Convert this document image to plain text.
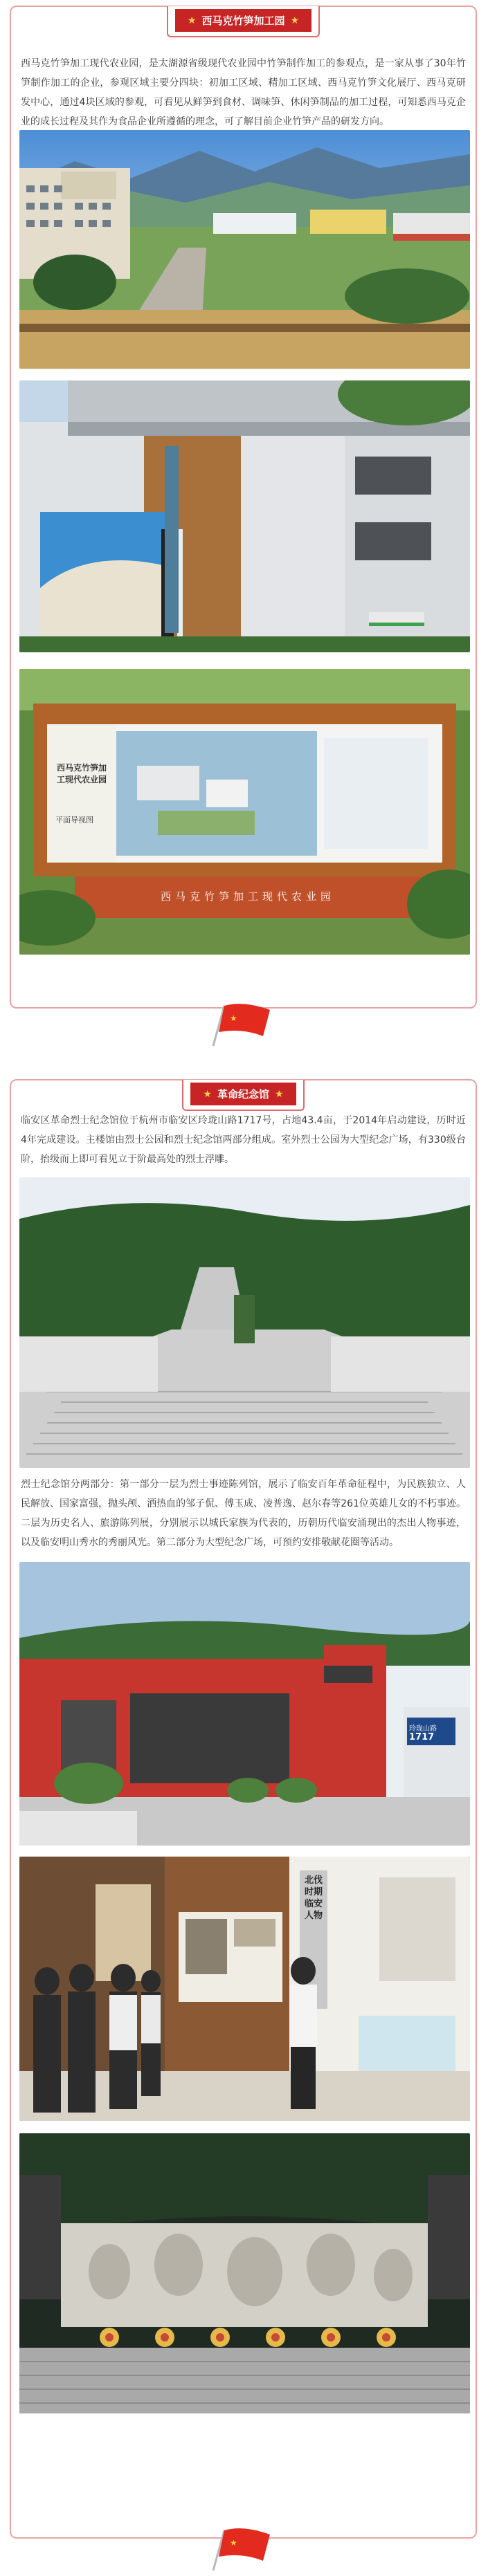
★ 西马克竹笋加工园 ★

西马克竹笋加工现代农业园，是太湖源省级现代农业园中竹笋制作加工的参观点，是一家从事了30年竹笋制作加工的企业，参观区域主要分四块：初加工区域、精加工区域、西马克竹笋文化展厅、西马克研发中心，通过4块区域的参观，可看见从鲜笋到食材、调味笋、休闲笋制品的加工过程，可知悉西马克企业的成长过程及其作为食品企业所遵循的理念，可了解目前企业竹笋产品的研发方向。

西马克竹笋加工现代农业园
平面导视图
西马克竹笋加工现代农业园
★
★ 革命纪念馆 ★

临安区革命烈士纪念馆位于杭州市临安区玲珑山路1717号，占地43.4亩，于2014年启动建设，历时近4年完成建设。主楼馆由烈士公园和烈士纪念馆两部分组成。室外烈士公园为大型纪念广场，有330级台阶，抬级而上即可看见立于阶最高处的烈士浮雕。

烈士纪念馆分两部分：第一部分一层为烈士事迹陈列馆，展示了临安百年革命征程中，为民族独立、人民解放、国家富强，抛头颅、洒热血的邹子侃、傅玉成、凌普逸、赵尔春等261位英雄儿女的不朽事迹。二层为历史名人、旅游陈列展，分别展示以城氏家族为代表的，历朝历代临安涌现出的杰出人物事迹，以及临安明山秀水的秀丽风光。第二部分为大型纪念广场，可预约安排敬献花圈等活动。

玲珑山路
1717
北伐时期临安人物
★
